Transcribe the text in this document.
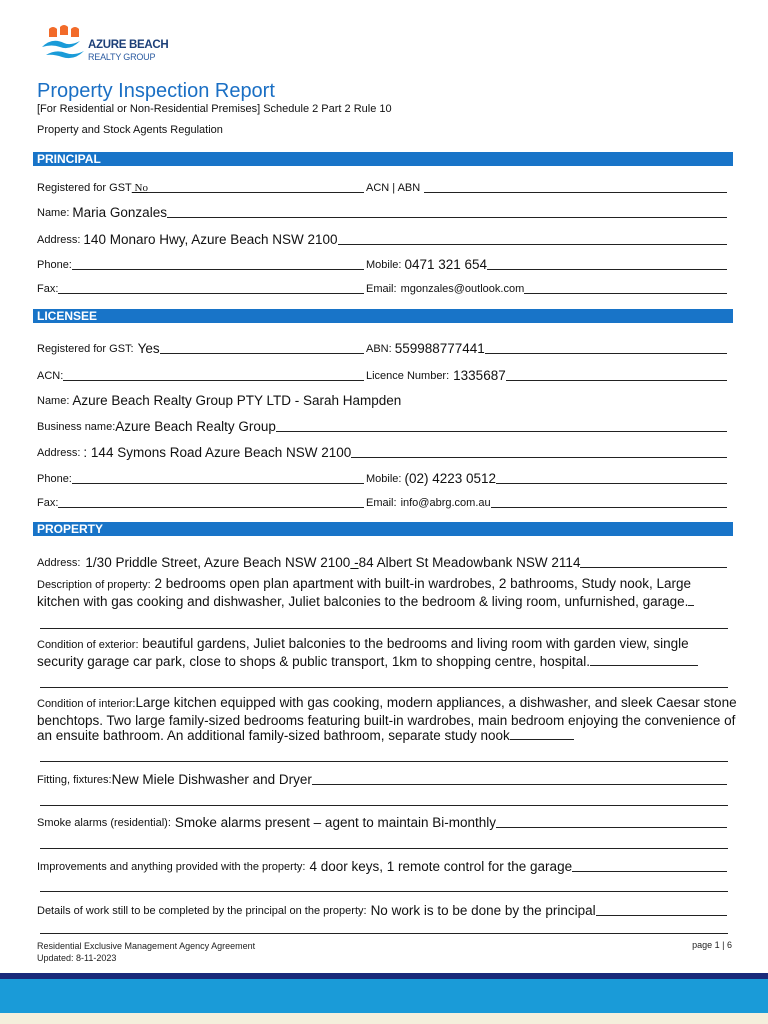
AZURE BEACH
REALTY GROUP
Property Inspection Report
[For Residential or Non-Residential Premises] Schedule 2 Part 2 Rule 10
Property and Stock Agents Regulation
PRINCIPAL
Registered for GST No	ACN | ABN
Name: Maria Gonzales
Address: 140 Monaro Hwy, Azure Beach NSW 2100
Phone:	Mobile: 0471 321 654
Fax:	Email: mgonzales@outlook.com
LICENSEE
Registered for GST: Yes	ABN: 559988777441
ACN:	Licence Number: 1335687
Name: Azure Beach Realty Group PTY LTD - Sarah Hampden
Business name: Azure Beach Realty Group
Address: : 144 Symons Road Azure Beach NSW 2100
Phone:	Mobile: (02) 4223 0512
Fax:	Email: info@abrg.com.au
PROPERTY
Address: 1/30 Priddle Street, Azure Beach NSW 2100 - 84 Albert St Meadowbank NSW 2114
Description of property: 2 bedrooms open plan apartment with built-in wardrobes, 2 bathrooms, Study nook, Large kitchen with gas cooking and dishwasher, Juliet balconies to the bedroom & living room, unfurnished, garage.
Condition of exterior: beautiful gardens, Juliet balconies to the bedrooms and living room with garden view, single security garage car park, close to shops & public transport, 1km to shopping centre, hospital.
Condition of interior:Large kitchen equipped with gas cooking, modern appliances, a dishwasher, and sleek Caesar stone benchtops. Two large family-sized bedrooms featuring built-in wardrobes, main bedroom enjoying the convenience of an ensuite bathroom. An additional family-sized bathroom, separate study nook
Fitting, fixtures: New Miele Dishwasher and Dryer
Smoke alarms (residential): Smoke alarms present – agent to maintain Bi-monthly
Improvements and anything provided with the property: 4 door keys, 1 remote control for the garage
Details of work still to be completed by the principal on the property: No work is to be done by the principal
Residential Exclusive Management Agency Agreement
Updated: 8-11-2023
page 1 | 6
